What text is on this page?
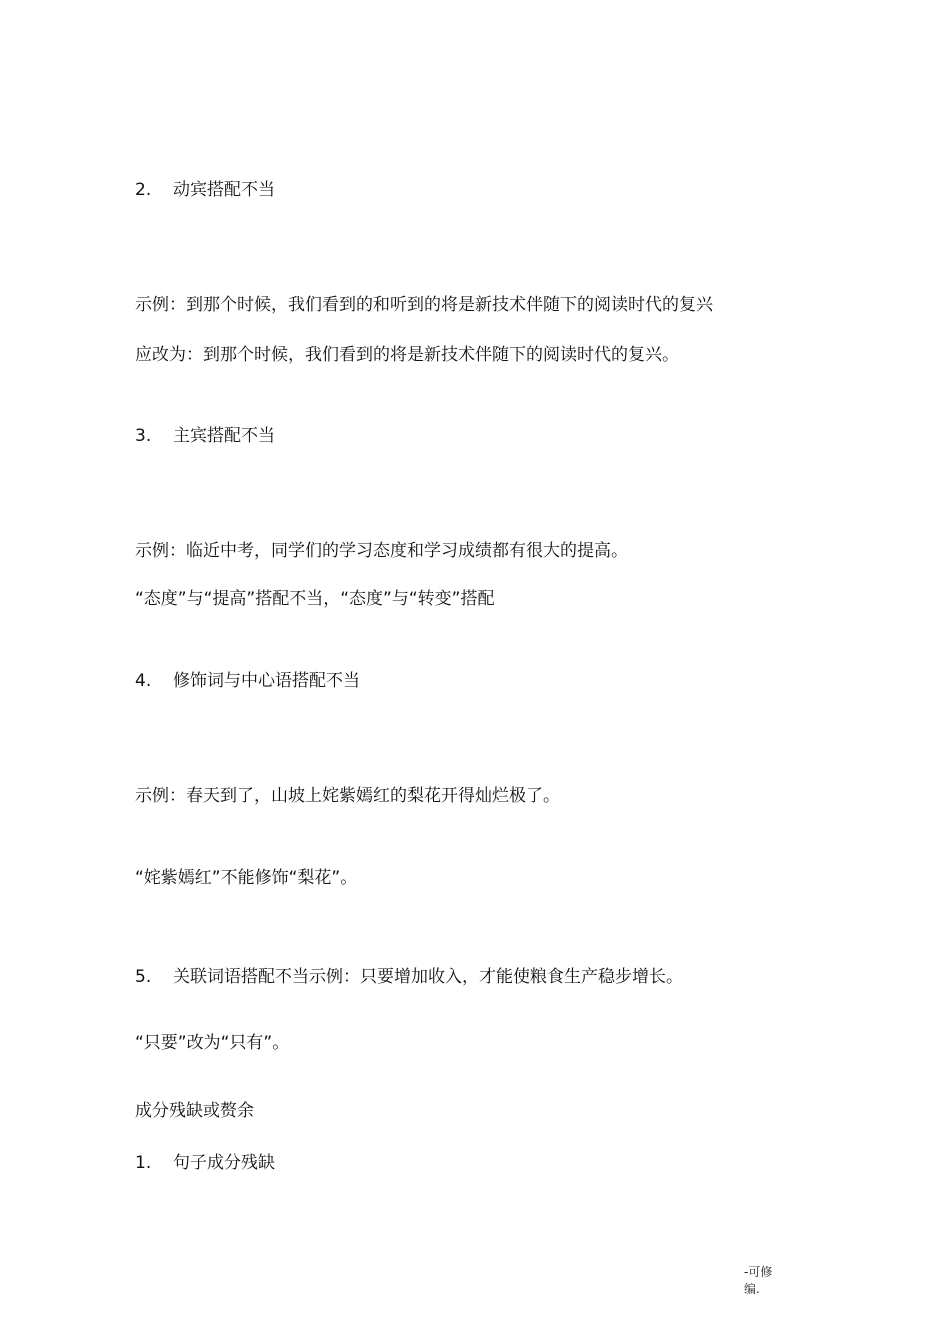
2. 动宾搭配不当
示例：到那个时候，我们看到的和听到的将是新技术伴随下的阅读时代的复兴
应改为：到那个时候，我们看到的将是新技术伴随下的阅读时代的复兴。
3. 主宾搭配不当
示例：临近中考，同学们的学习态度和学习成绩都有很大的提高。
“态度”与“提高”搭配不当，“态度”与“转变”搭配
4. 修饰词与中心语搭配不当
示例：春天到了，山坡上姹紫嫣红的梨花开得灿烂极了。
“姹紫嫣红”不能修饰“梨花”。
5. 关联词语搭配不当示例：只要增加收入，才能使粮食生产稳步增长。
“只要”改为“只有”。
成分残缺或赘余
1. 句子成分残缺
-可修
编.
